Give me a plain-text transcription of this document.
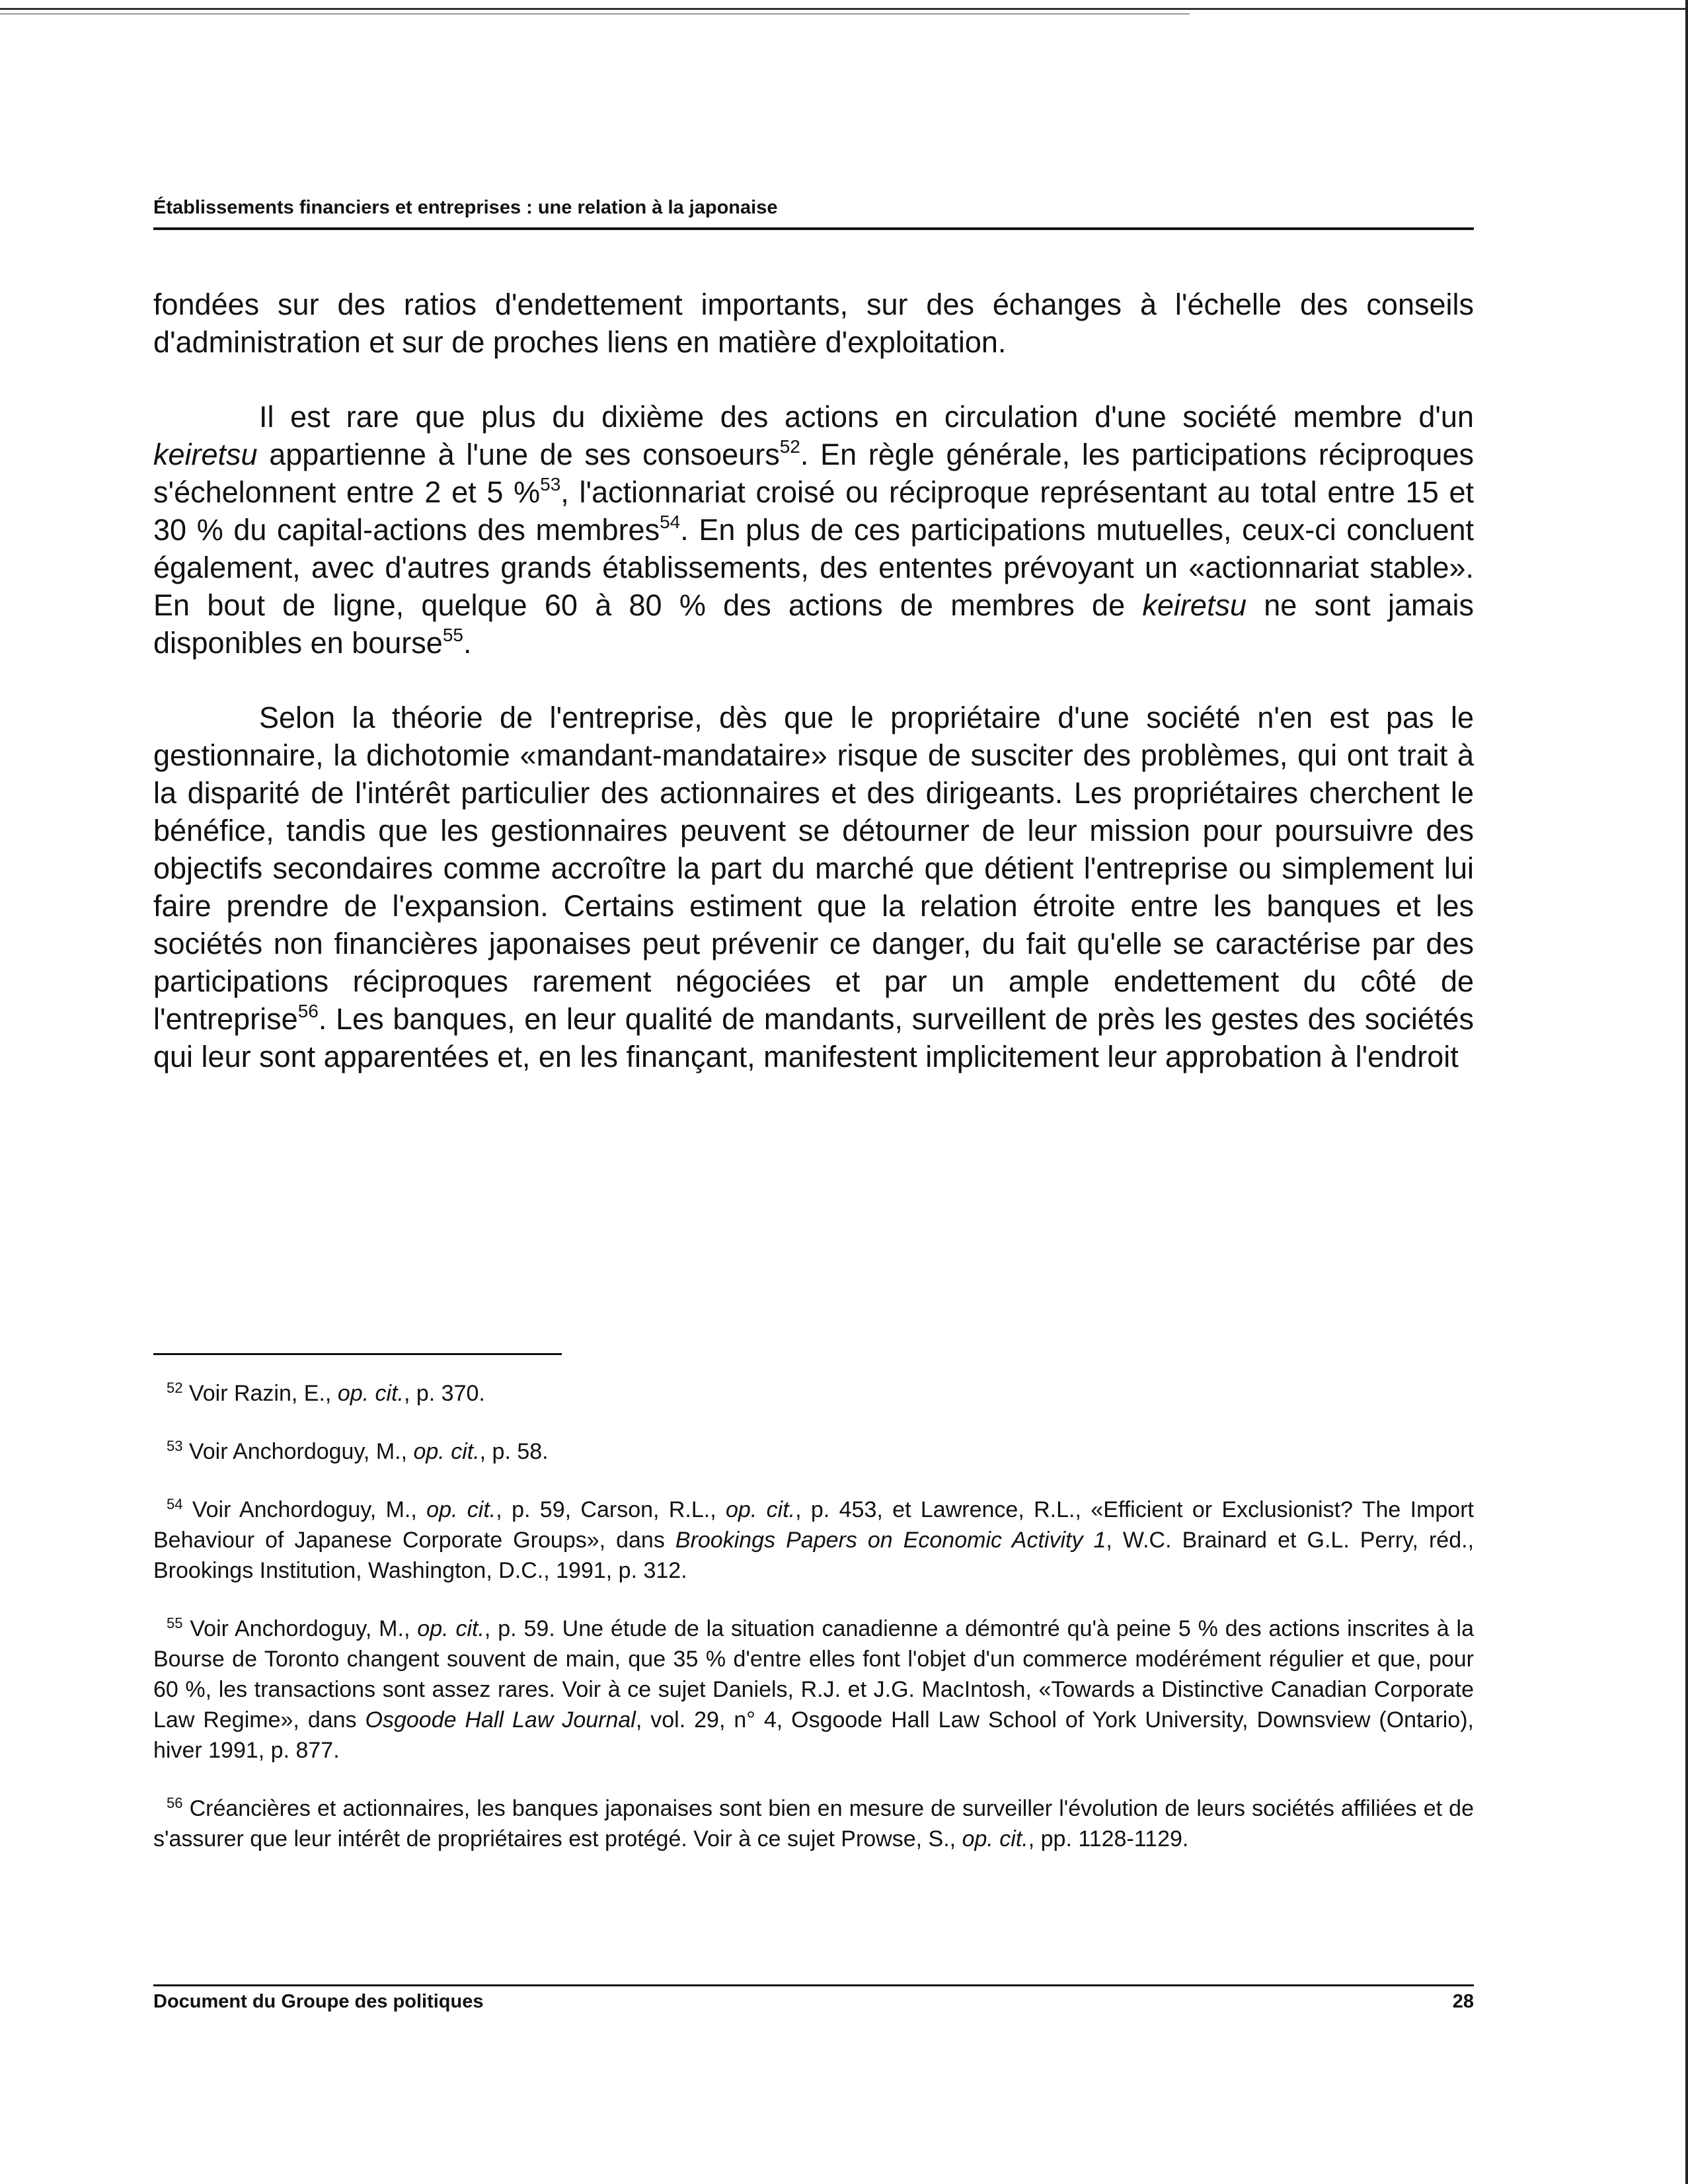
Établissements financiers et entreprises : une relation à la japonaise

fondées sur des ratios d'endettement importants, sur des échanges à l'échelle des conseils d'administration et sur de proches liens en matière d'exploitation.

Il est rare que plus du dixième des actions en circulation d'une société membre d'un keiretsu appartienne à l'une de ses consoeurs$^{52}$. En règle générale, les participations réciproques s'échelonnent entre 2 et 5 %$^{53}$, l'actionnariat croisé ou réciproque représentant au total entre 15 et 30 % du capital-actions des membres$^{54}$. En plus de ces participations mutuelles, ceux-ci concluent également, avec d'autres grands établissements, des ententes prévoyant un «actionnariat stable». En bout de ligne, quelque 60 à 80 % des actions de membres de keiretsu ne sont jamais disponibles en bourse$^{55}$.

Selon la théorie de l'entreprise, dès que le propriétaire d'une société n'en est pas le gestionnaire, la dichotomie «mandant-mandataire» risque de susciter des problèmes, qui ont trait à la disparité de l'intérêt particulier des actionnaires et des dirigeants. Les propriétaires cherchent le bénéfice, tandis que les gestionnaires peuvent se détourner de leur mission pour poursuivre des objectifs secondaires comme accroître la part du marché que détient l'entreprise ou simplement lui faire prendre de l'expansion. Certains estiment que la relation étroite entre les banques et les sociétés non financières japonaises peut prévenir ce danger, du fait qu'elle se caractérise par des participations réciproques rarement négociées et par un ample endettement du côté de l'entreprise$^{56}$. Les banques, en leur qualité de mandants, surveillent de près les gestes des sociétés qui leur sont apparentées et, en les finançant, manifestent implicitement leur approbation à l'endroit

$^{52}$ Voir Razin, E., op. cit., p. 370.

$^{53}$ Voir Anchordoguy, M., op. cit., p. 58.

$^{54}$ Voir Anchordoguy, M., op. cit., p. 59, Carson, R.L., op. cit., p. 453, et Lawrence, R.L., «Efficient or Exclusionist? The Import Behaviour of Japanese Corporate Groups», dans Brookings Papers on Economic Activity 1, W.C. Brainard et G.L. Perry, réd., Brookings Institution, Washington, D.C., 1991, p. 312.

$^{55}$ Voir Anchordoguy, M., op. cit., p. 59. Une étude de la situation canadienne a démontré qu'à peine 5 % des actions inscrites à la Bourse de Toronto changent souvent de main, que 35 % d'entre elles font l'objet d'un commerce modérément régulier et que, pour 60 %, les transactions sont assez rares. Voir à ce sujet Daniels, R.J. et J.G. MacIntosh, «Towards a Distinctive Canadian Corporate Law Regime», dans Osgoode Hall Law Journal, vol. 29, n° 4, Osgoode Hall Law School of York University, Downsview (Ontario), hiver 1991, p. 877.

$^{56}$ Créancières et actionnaires, les banques japonaises sont bien en mesure de surveiller l'évolution de leurs sociétés affiliées et de s'assurer que leur intérêt de propriétaires est protégé. Voir à ce sujet Prowse, S., op. cit., pp. 1128-1129.

Document du Groupe des politiques	28
